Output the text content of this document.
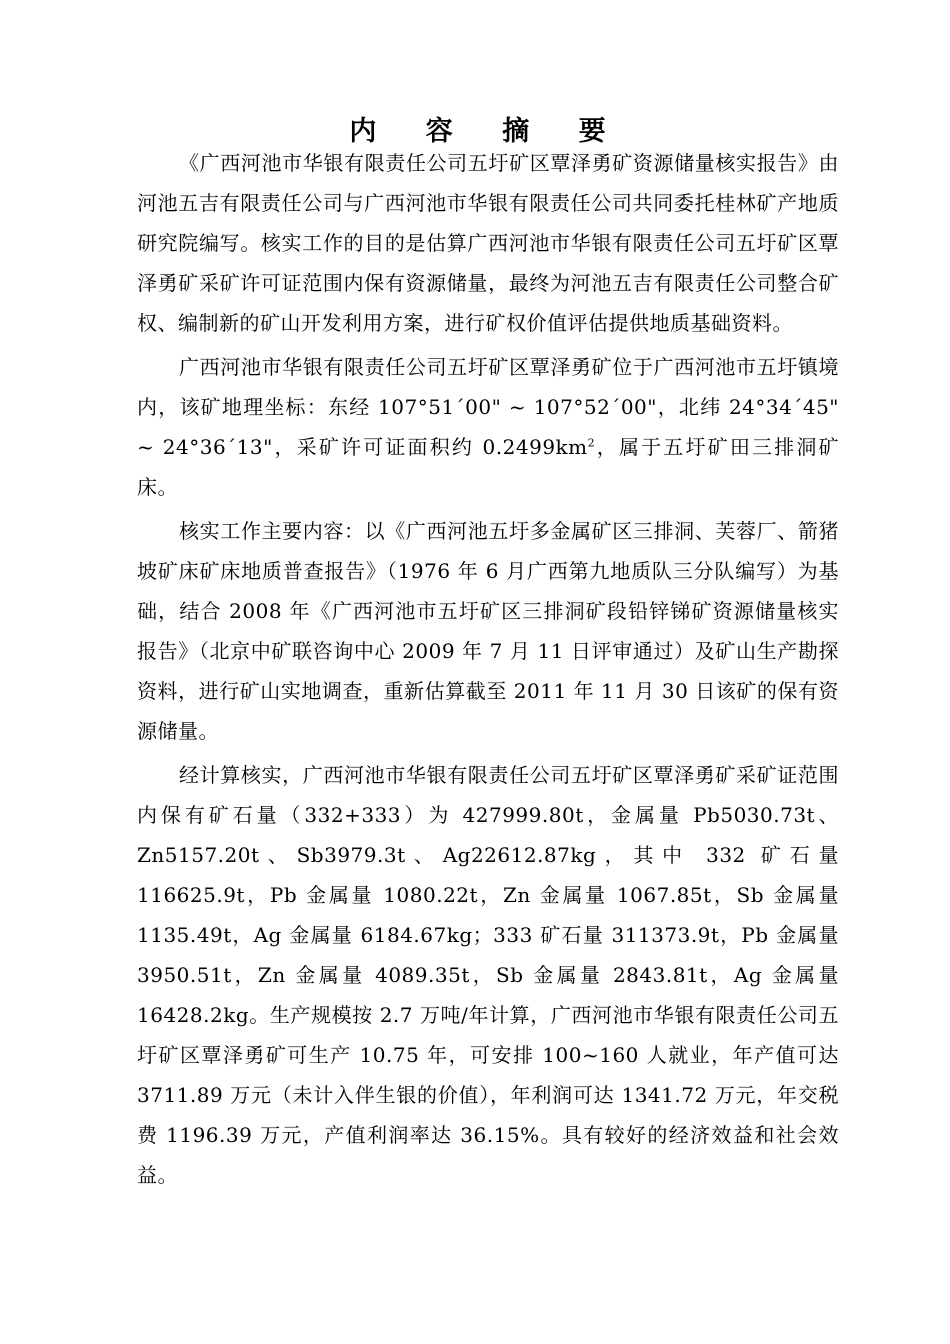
内 容 摘 要

《广西河池市华银有限责任公司五圩矿区覃泽勇矿资源储量核实报告》由河池五吉有限责任公司与广西河池市华银有限责任公司共同委托桂林矿产地质研究院编写。核实工作的目的是估算广西河池市华银有限责任公司五圩矿区覃泽勇矿采矿许可证范围内保有资源储量，最终为河池五吉有限责任公司整合矿权、编制新的矿山开发利用方案，进行矿权价值评估提供地质基础资料。

广西河池市华银有限责任公司五圩矿区覃泽勇矿位于广西河池市五圩镇境内，该矿地理坐标：东经 107°51´00" ~ 107°52´00"，北纬 24°34´45" ~ 24°36´13"，采矿许可证面积约 $0.2499km^2$，属于五圩矿田三排洞矿床。

核实工作主要内容：以《广西河池五圩多金属矿区三排洞、芙蓉厂、箭猪坡矿床矿床地质普查报告》（1976 年 6 月广西第九地质队三分队编写）为基础，结合 2008 年《广西河池市五圩矿区三排洞矿段铅锌锑矿资源储量核实报告》（北京中矿联咨询中心 2009 年 7 月 11 日评审通过）及矿山生产勘探资料，进行矿山实地调查，重新估算截至 2011 年 11 月 30 日该矿的保有资源储量。

经计算核实，广西河池市华银有限责任公司五圩矿区覃泽勇矿采矿证范围内保有矿石量（332+333）为 427999.80t，金属量 Pb5030.73t、Zn5157.20t、Sb3979.3t、Ag22612.87kg，其中 332 矿石量 116625.9t，Pb 金属量 1080.22t，Zn 金属量 1067.85t，Sb 金属量 1135.49t，Ag 金属量 6184.67kg；333 矿石量 311373.9t，Pb 金属量 3950.51t，Zn 金属量 4089.35t，Sb 金属量 2843.81t，Ag 金属量 16428.2kg。生产规模按 2.7 万吨/年计算，广西河池市华银有限责任公司五圩矿区覃泽勇矿可生产 10.75 年，可安排 100~160 人就业，年产值可达 3711.89 万元（未计入伴生银的价值），年利润可达 1341.72 万元，年交税费 1196.39 万元，产值利润率达 36.15%。具有较好的经济效益和社会效益。
